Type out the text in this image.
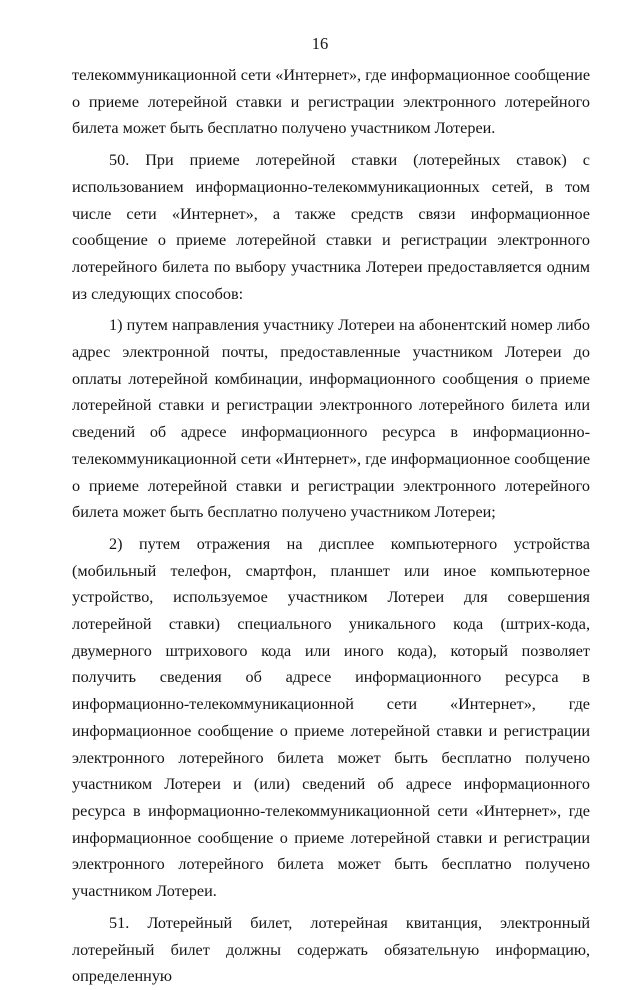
16

телекоммуникационной сети «Интернет», где информационное сообщение о приеме лотерейной ставки и регистрации электронного лотерейного билета может быть бесплатно получено участником Лотереи.

50. При приеме лотерейной ставки (лотерейных ставок) с использованием информационно-телекоммуникационных сетей, в том числе сети «Интернет», а также средств связи информационное сообщение о приеме лотерейной ставки и регистрации электронного лотерейного билета по выбору участника Лотереи предоставляется одним из следующих способов:

1) путем направления участнику Лотереи на абонентский номер либо адрес электронной почты, предоставленные участником Лотереи до оплаты лотерейной комбинации, информационного сообщения о приеме лотерейной ставки и регистрации электронного лотерейного билета или сведений об адресе информационного ресурса в информационно-телекоммуникационной сети «Интернет», где информационное сообщение о приеме лотерейной ставки и регистрации электронного лотерейного билета может быть бесплатно получено участником Лотереи;

2) путем отражения на дисплее компьютерного устройства (мобильный телефон, смартфон, планшет или иное компьютерное устройство, используемое участником Лотереи для совершения лотерейной ставки) специального уникального кода (штрих-кода, двумерного штрихового кода или иного кода), который позволяет получить сведения об адресе информационного ресурса в информационно-телекоммуникационной сети «Интернет», где информационное сообщение о приеме лотерейной ставки и регистрации электронного лотерейного билета может быть бесплатно получено участником Лотереи и (или) сведений об адресе информационного ресурса в информационно-телекоммуникационной сети «Интернет», где информационное сообщение о приеме лотерейной ставки и регистрации электронного лотерейного билета может быть бесплатно получено участником Лотереи.

51. Лотерейный билет, лотерейная квитанция, электронный лотерейный билет должны содержать обязательную информацию, определенную
